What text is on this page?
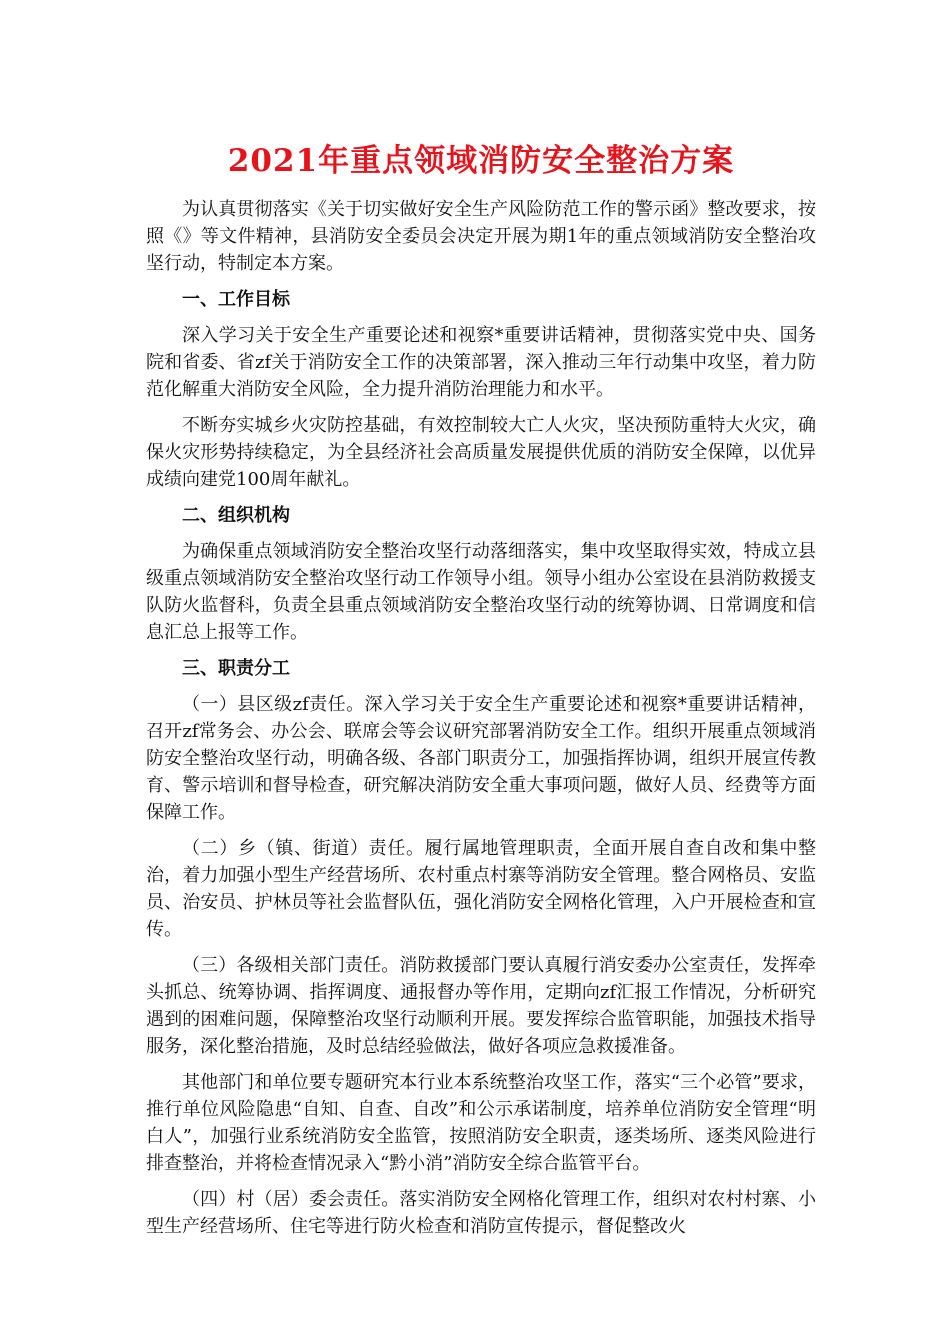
2021年重点领域消防安全整治方案

为认真贯彻落实《关于切实做好安全生产风险防范工作的警示函》整改要求，按照《》等文件精神，县消防安全委员会决定开展为期1年的重点领域消防安全整治攻坚行动，特制定本方案。

一、工作目标

深入学习关于安全生产重要论述和视察*重要讲话精神，贯彻落实党中央、国务院和省委、省zf关于消防安全工作的决策部署，深入推动三年行动集中攻坚，着力防范化解重大消防安全风险，全力提升消防治理能力和水平。

不断夯实城乡火灾防控基础，有效控制较大亡人火灾，坚决预防重特大火灾，确保火灾形势持续稳定，为全县经济社会高质量发展提供优质的消防安全保障，以优异成绩向建党100周年献礼。

二、组织机构

为确保重点领域消防安全整治攻坚行动落细落实，集中攻坚取得实效，特成立县级重点领域消防安全整治攻坚行动工作领导小组。领导小组办公室设在县消防救援支队防火监督科，负责全县重点领域消防安全整治攻坚行动的统筹协调、日常调度和信息汇总上报等工作。

三、职责分工

（一）县区级zf责任。深入学习关于安全生产重要论述和视察*重要讲话精神，召开zf常务会、办公会、联席会等会议研究部署消防安全工作。组织开展重点领域消防安全整治攻坚行动，明确各级、各部门职责分工，加强指挥协调，组织开展宣传教育、警示培训和督导检查，研究解决消防安全重大事项问题，做好人员、经费等方面保障工作。

（二）乡（镇、街道）责任。履行属地管理职责，全面开展自查自改和集中整治，着力加强小型生产经营场所、农村重点村寨等消防安全管理。整合网格员、安监员、治安员、护林员等社会监督队伍，强化消防安全网格化管理，入户开展检查和宣传。

（三）各级相关部门责任。消防救援部门要认真履行消安委办公室责任，发挥牵头抓总、统筹协调、指挥调度、通报督办等作用，定期向zf汇报工作情况，分析研究遇到的困难问题，保障整治攻坚行动顺利开展。要发挥综合监管职能，加强技术指导服务，深化整治措施，及时总结经验做法，做好各项应急救援准备。

其他部门和单位要专题研究本行业本系统整治攻坚工作，落实“三个必管”要求，推行单位风险隐患“自知、自查、自改”和公示承诺制度，培养单位消防安全管理“明白人”，加强行业系统消防安全监管，按照消防安全职责，逐类场所、逐类风险进行排查整治，并将检查情况录入“黔小消”消防安全综合监管平台。

（四）村（居）委会责任。落实消防安全网格化管理工作，组织对农村村寨、小型生产经营场所、住宅等进行防火检查和消防宣传提示，督促整改火
